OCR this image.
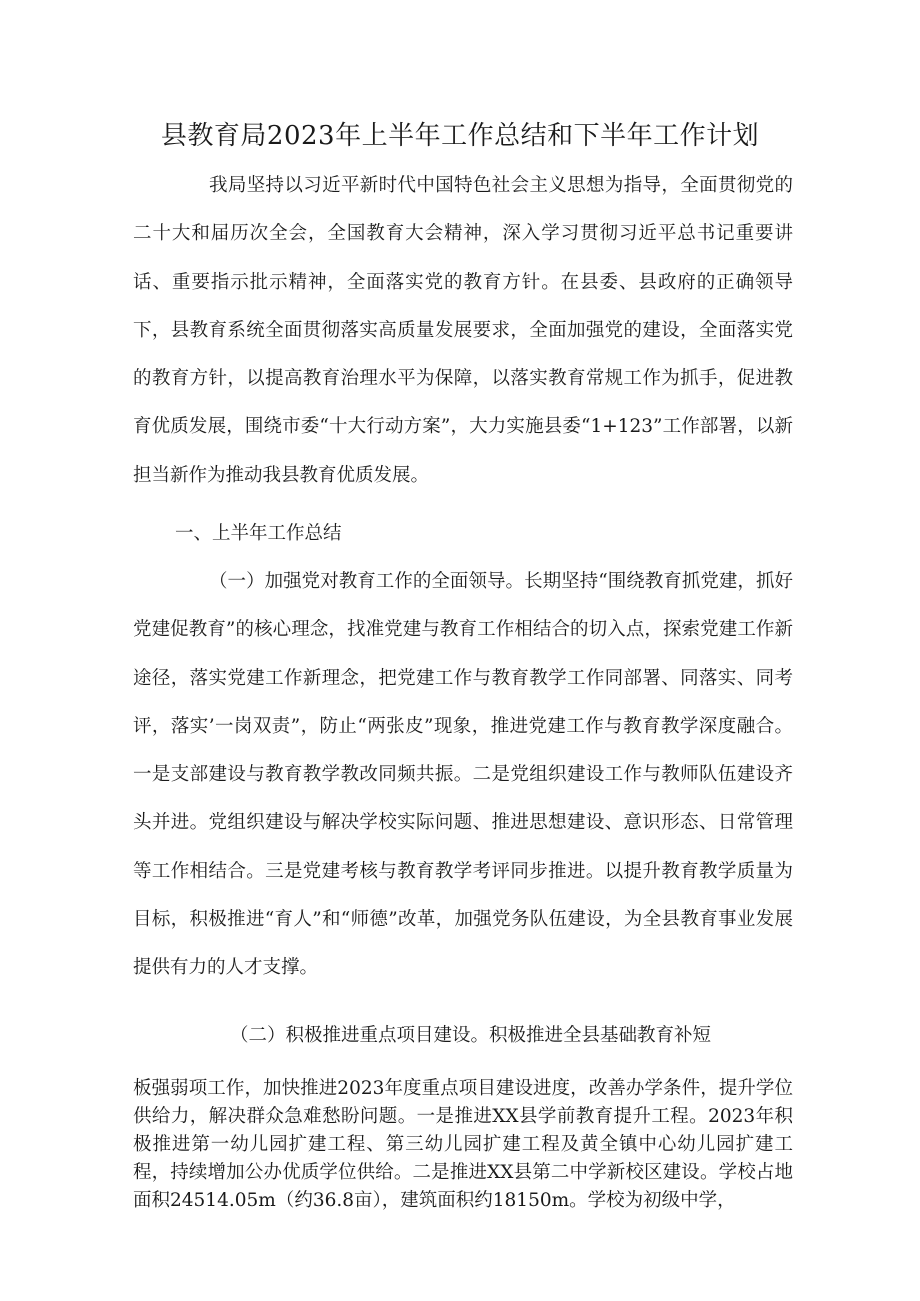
县教育局2023年上半年工作总结和下半年工作计划

我局坚持以习近平新时代中国特色社会主义思想为指导，全面贯彻党的二十大和届历次全会，全国教育大会精神，深入学习贯彻习近平总书记重要讲话、重要指示批示精神，全面落实党的教育方针。在县委、县政府的正确领导下，县教育系统全面贯彻落实高质量发展要求，全面加强党的建设，全面落实党的教育方针，以提高教育治理水平为保障，以落实教育常规工作为抓手，促进教育优质发展，围绕市委“十大行动方案”，大力实施县委“1+123”工作部署，以新担当新作为推动我县教育优质发展。

一、上半年工作总结

（一）加强党对教育工作的全面领导。长期坚持“围绕教育抓党建，抓好党建促教育”的核心理念，找准党建与教育工作相结合的切入点，探索党建工作新途径，落实党建工作新理念，把党建工作与教育教学工作同部署、同落实、同考评，落实’一岗双责”，防止“两张皮”现象，推进党建工作与教育教学深度融合。一是支部建设与教育教学教改同频共振。二是党组织建设工作与教师队伍建设齐头并进。党组织建设与解决学校实际问题、推进思想建设、意识形态、日常管理等工作相结合。三是党建考核与教育教学考评同步推进。以提升教育教学质量为目标，积极推进“育人”和“师德”改革，加强党务队伍建设，为全县教育事业发展提供有力的人才支撑。

（二）积极推进重点项目建设。积极推进全县基础教育补短

板强弱项工作，加快推进2023年度重点项目建设进度，改善办学条件，提升学位供给力，解决群众急难愁盼问题。一是推进XX县学前教育提升工程。2023年积极推进第一幼儿园扩建工程、第三幼儿园扩建工程及黄全镇中心幼儿园扩建工程，持续增加公办优质学位供给。二是推进XX县第二中学新校区建设。学校占地面积24514.05m（约36.8亩），建筑面积约18150m。学校为初级中学，
